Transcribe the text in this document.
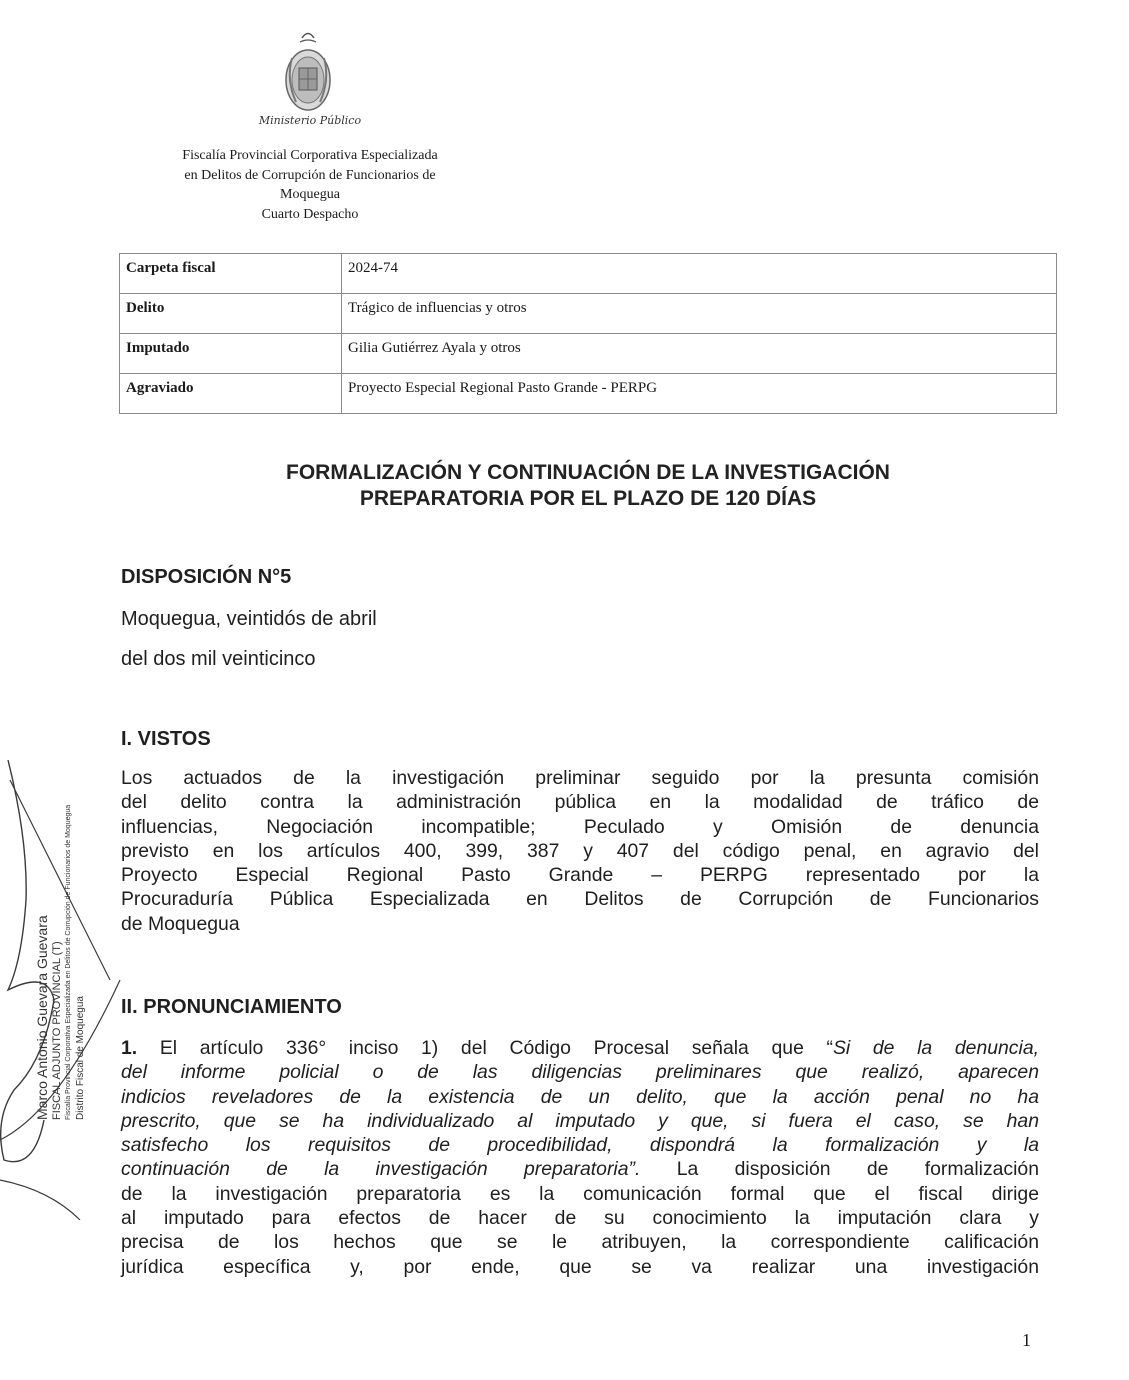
Ministerio Público
Fiscalía Provincial Corporativa Especializada
en Delitos de Corrupción de Funcionarios de
Moquegua
Cuarto Despacho
Carpeta fiscal	2024-74
Delito	Trágico de influencias y otros
Imputado	Gilia Gutiérrez Ayala y otros
Agraviado	Proyecto Especial Regional Pasto Grande - PERPG
FORMALIZACIÓN Y CONTINUACIÓN DE LA INVESTIGACIÓN
PREPARATORIA POR EL PLAZO DE 120 DÍAS
DISPOSICIÓN N°5
Moquegua, veintidós de abril
del dos mil veinticinco
I. VISTOS
Los actuados de la investigación preliminar seguido por la presunta comisión
del delito contra la administración pública en la modalidad de tráfico de
influencias, Negociación incompatible; Peculado y Omisión de denuncia
previsto en los artículos 400, 399, 387 y 407 del código penal, en agravio del
Proyecto Especial Regional Pasto Grande – PERPG representado por la
Procuraduría Pública Especializada en Delitos de Corrupción de Funcionarios
de Moquegua
II. PRONUNCIAMIENTO
1. El artículo 336° inciso 1) del Código Procesal señala que “Si de la denuncia,
del informe policial o de las diligencias preliminares que realizó, aparecen
indicios reveladores de la existencia de un delito, que la acción penal no ha
prescrito, que se ha individualizado al imputado y que, si fuera el caso, se han
satisfecho los requisitos de procedibilidad, dispondrá la formalización y la
continuación de la investigación preparatoria”. La disposición de formalización
de la investigación preparatoria es la comunicación formal que el fiscal dirige
al imputado para efectos de hacer de su conocimiento la imputación clara y
precisa de los hechos que se le atribuyen, la correspondiente calificación
jurídica específica y, por ende, que se va realizar una investigación
Marco Antonio Guevara Guevara FISCAL ADJUNTO PROVINCIAL (T) Fiscalía Provincial Corporativa Especializada en Delitos de Corrupción de Funcionarios de Moquegua Distrito Fiscal de Moquegua
1
